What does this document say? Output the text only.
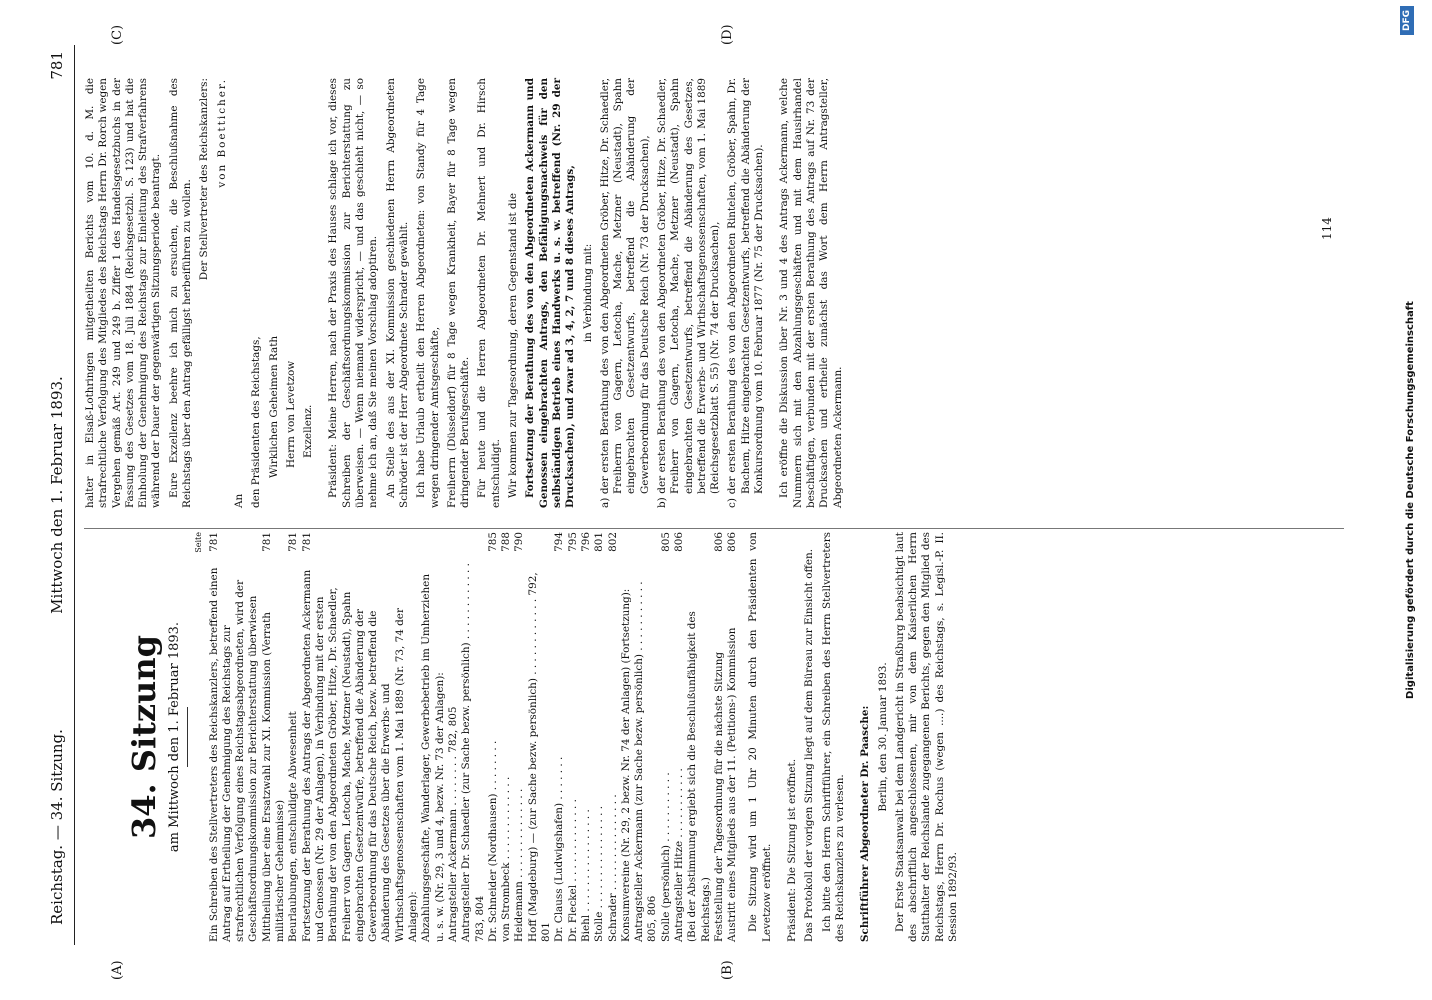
Reichstag. — 34. Sitzung.
Mittwoch den 1. Februar 1893.
781
(A)	(B)
(C)	(D)
34. Sitzung am Mittwoch den 1. Februar 1893.
Seite
Ein Schreiben des Stellvertreters des Reichskanzlers, betreffend einen Antrag auf Ertheilung der Genehmigung des Reichstags zur strafrechtlichen Verfolgung eines Reichstagsabgeordneten, wird der Geschäftsordnungskommission zur Berichterstattung überwiesen
781
Mittheilung über eine Ersatzwahl zur XI. Kommission (Verrath militärischer Geheimnisse)
781
Beurlaubungen, entschuldigte Abwesenheit
781
Fortsetzung der Berathung des Antrags der Abgeordneten Ackermann und Genossen (Nr. 29 der Anlagen), in Verbindung mit der ersten Berathung der von den Abgeordneten Gröber, Hitze, Dr. Schaedler, Freiherr von Gagern, Letocha, Mache, Metzner (Neustadt), Spahn eingebrachten Gesetzentwürfe, betreffend die Abänderung der Gewerbeordnung für das Deutsche Reich, bezw. betreffend die Abänderung des Gesetzes über die Erwerbs- und Wirthschaftsgenossenschaften vom 1. Mai 1889 (Nr. 73, 74 der Anlagen):
781
Abzahlungsgeschäfte, Wanderlager, Gewerbebetrieb im Umherziehen u. s. w. (Nr. 29, 3 und 4, bezw. Nr. 73 der Anlagen): Antragsteller Ackermann . . . . . . . . 782, 805 Antragsteller Dr. Schaedler (zur Sache bezw. persönlich) . . . . . . . . . . . . 783, 804 Dr. Schneider (Nordhausen) . . . . . . . .
785
von Strombeck . . . . . . . . . . . . .
788
Heidemann . . . . . . . . . . . . . .
790
Hoff (Magdeburg) — (zur Sache bezw. persönlich) . . . . . . . . . . . . 792, 801 Dr. Clauss (Ludwigshafen) . . . . . . .
794
Dr. Fleckel . . . . . . . . . . . . .
795
Biehl . . . . . . . . . . . . . . . .
796
Stolle . . . . . . . . . . . . . . . .
801
Schrader . . . . . . . . . . . . . . .
802
Konsumvereine (Nr. 29, 2 bezw. Nr. 74 der Anlagen) (Fortsetzung): Antragsteller Ackermann (zur Sache bezw. persönlich) . . . . . . . . . . . 805, 806 Stolle (persönlich) . . . . . . . . . . .
805
Antragsteller Hitze . . . . . . . . . . .
806
(Bei der Abstimmung ergiebt sich die Beschlußunfähigkeit des Reichstags.) Feststellung der Tagesordnung für die nächste Sitzung
806
Austritt eines Mitglieds aus der 11. (Petitions-) Kommission
806 Die Sitzung wird um 1 Uhr 20 Minuten durch den Präsidenten von Levetzow eröffnet. Präsident: Die Sitzung ist eröffnet. Das Protokoll der vorigen Sitzung liegt auf dem Büreau zur Einsicht offen. Ich bitte den Herrn Schriftführer, ein Schreiben des Herrn Stellvertreters des Reichskanzlers zu verlesen. Schriftführer Abgeordneter Dr. Paasche: Berlin, den 30. Januar 1893. Der Erste Staatsanwalt bei dem Landgericht in Straßburg beabsichtigt laut des abschriftlich angeschlossenen, mir von dem Kaiserlichen Herrn Statthalter der Reichslande zugegangenen Berichts, gegen den Mitglied des Reichstags, Herrn Dr. Rochus (wegen ....) des Reichstags, s. Legisl.-P. II. Session 1892/93.

halter in Elsaß-Lothringen mitgetheilten Berichts vom 10. d. M. die strafrechtliche Verfolgung des Mitgliedes des Reichstags Herrn Dr. Rorch wegen Vergehen gemäß Art. 249 und 249 b. Ziffer 1 des Handelsgesetzbuchs in der Fassung des Gesetzes vom 18. Juli 1884 (Reichsgesetzbl. S. 123) und hat die Einholung der Genehmigung des Reichstags zur Einleitung des Strafverfahrens während der Dauer der gegenwärtigen Sitzungsperiode beantragt. Eure Exzellenz beehre ich mich zu ersuchen, die Beschlußnahme des Reichstags über den Antrag gefälligst herbeiführen zu wollen.

Der Stellvertreter des Reichskanzlers: von Boetticher.

An den Präsidenten des Reichstags, Wirklichen Geheimen Rath Herrn von Levetzow Exzellenz. Präsident: Meine Herren, nach der Praxis des Hauses schlage ich vor, dieses Schreiben der Geschäftsordnungskommission zur Berichterstattung zu überweisen. — Wenn niemand widerspricht, — und das geschieht nicht, — so nehme ich an, daß Sie meinen Vorschlag adoptiren. An Stelle des aus der XI. Kommission geschiedenen Herrn Abgeordneten Schröder ist der Herr Abgeordnete Schrader gewählt. Ich habe Urlaub ertheilt den Herren Abgeordneten: von Standy für 4 Tage wegen dringender Amtsgeschäfte, Freiherrn (Düsseldorf) für 8 Tage wegen Krankheit, Bayer für 8 Tage wegen dringender Berufsgeschäfte. Für heute und die Herren Abgeordneten Dr. Mehnert und Dr. Hirsch entschuldigt. Wir kommen zur Tagesordnung, deren Gegenstand ist die Fortsetzung der Berathung des von den Abgeordneten Ackermann und Genossen eingebrachten Antrags, den Befähigungsnachweis für den selbständigen Betrieb eines Handwerks u. s. w. betreffend (Nr. 29 der Drucksachen), und zwar ad 3, 4, 2, 7 und 8 dieses Antrags, in Verbindung mit: a) der ersten Berathung des von den Abgeordneten Gröber, Hitze, Dr. Schaedler, Freiherrn von Gagern, Letocha, Mache, Metzner (Neustadt), Spahn eingebrachten Gesetzentwurfs, betreffend die Abänderung der Gewerbeordnung für das Deutsche Reich (Nr. 73 der Drucksachen), b) der ersten Berathung des von den Abgeordneten Gröber, Hitze, Dr. Schaedler, Freiherr von Gagern, Letocha, Mache, Metzner (Neustadt), Spahn eingebrachten Gesetzentwurfs, betreffend die Abänderung des Gesetzes, betreffend die Erwerbs- und Wirthschaftsgenossenschaften, vom 1. Mai 1889 (Reichsgesetzblatt S. 55) (Nr. 74 der Drucksachen), c) der ersten Berathung des von den Abgeordneten Rintelen, Gröber, Spahn, Dr. Bachem, Hitze eingebrachten Gesetzentwurfs, betreffend die Abänderung der Konkursordnung vom 10. Februar 1877 (Nr. 75 der Drucksachen). Ich eröffne die Diskussion über Nr. 3 und 4 des Antrags Ackermann, welche Nummern sich mit den Abzahlungsgeschäften und mit dem Hausirhandel beschäftigen, verbunden mit der ersten Berathung des Antrags auf Nr. 73 der Drucksachen und ertheile zunächst das Wort dem Herrn Antragsteller, Abgeordneten Ackermann.

114
Digitalisierung gefördert durch die Deutsche Forschungsgemeinschaft
DFG
